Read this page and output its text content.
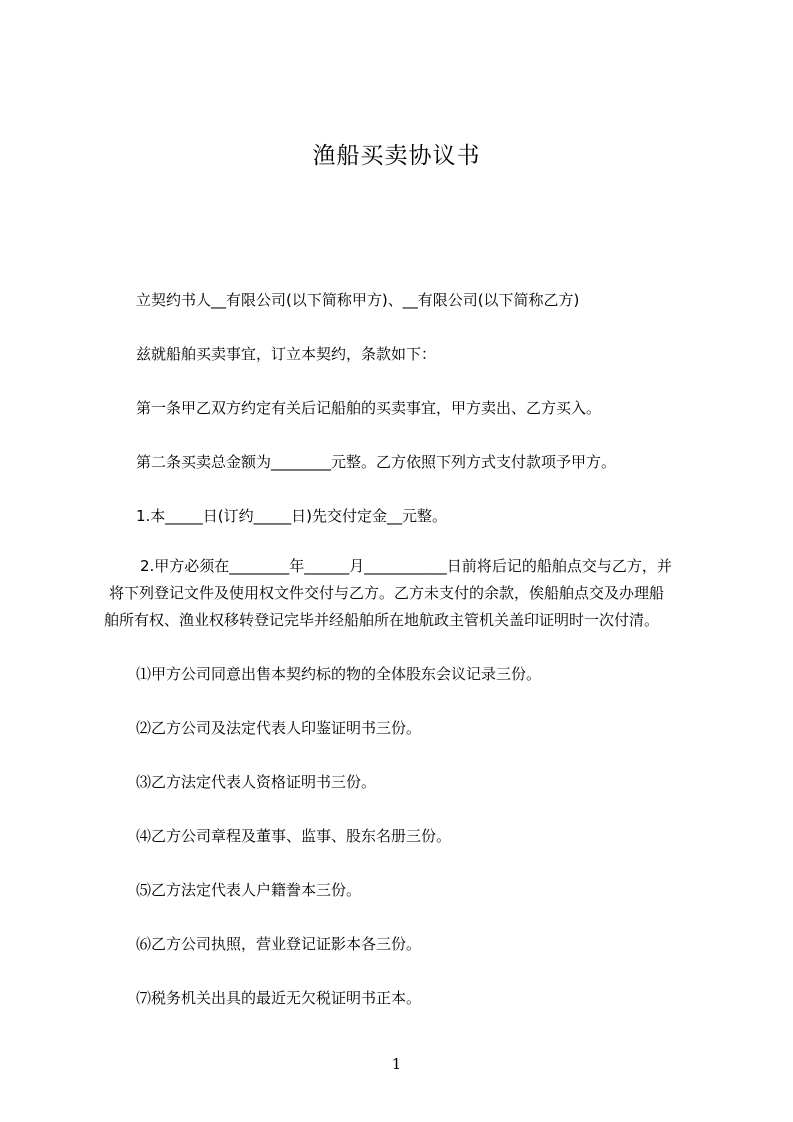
渔船买卖协议书

立契约书人__有限公司(以下简称甲方)、__有限公司(以下简称乙方)

兹就船舶买卖事宜，订立本契约，条款如下：

第一条甲乙双方约定有关后记船舶的买卖事宜，甲方卖出、乙方买入。

第二条买卖总金额为________元整。乙方依照下列方式支付款项予甲方。

1.本_____日(订约_____日)先交付定金__元整。

2.甲方必须在________年______月___________日前将后记的船舶点交与乙方，并

将下列登记文件及使用权文件交付与乙方。乙方未支付的余款，俟船舶点交及办理船

舶所有权、渔业权移转登记完毕并经船舶所在地航政主管机关盖印证明时一次付清。

⑴甲方公司同意出售本契约标的物的全体股东会议记录三份。

⑵乙方公司及法定代表人印鉴证明书三份。

⑶乙方法定代表人资格证明书三份。

⑷乙方公司章程及董事、监事、股东名册三份。

⑸乙方法定代表人户籍誊本三份。

⑹乙方公司执照，营业登记证影本各三份。

⑺税务机关出具的最近无欠税证明书正本。

1
